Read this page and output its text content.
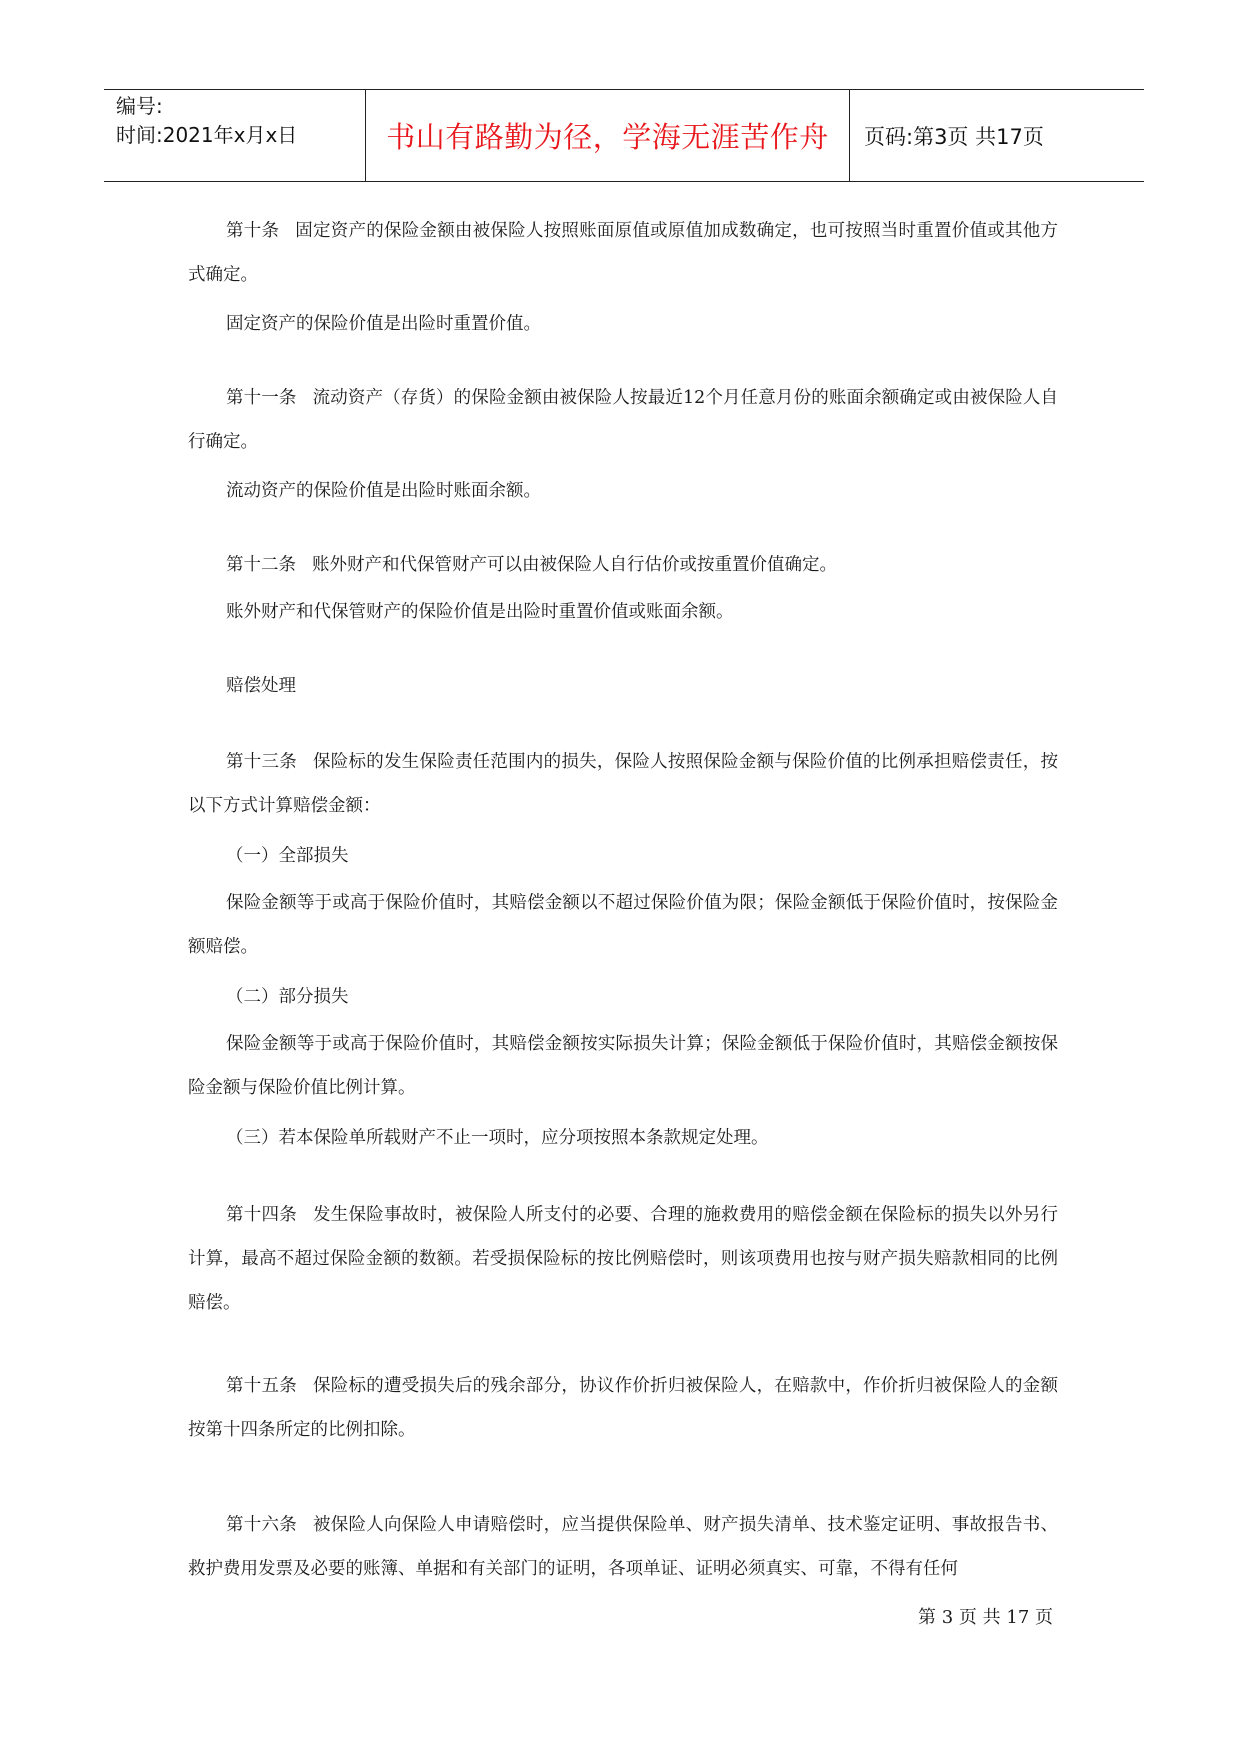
编号:
时间:2021年x月x日	书山有路勤为径，学海无涯苦作舟 页码:第3页 共17页

第十条 固定资产的保险金额由被保险人按照账面原值或原值加成数确定，也可按照当时重置价值或其他方式确定。

固定资产的保险价值是出险时重置价值。

第十一条 流动资产（存货）的保险金额由被保险人按最近12个月任意月份的账面余额确定或由被保险人自行确定。

流动资产的保险价值是出险时账面余额。

第十二条 账外财产和代保管财产可以由被保险人自行估价或按重置价值确定。

账外财产和代保管财产的保险价值是出险时重置价值或账面余额。

赔偿处理

第十三条 保险标的发生保险责任范围内的损失，保险人按照保险金额与保险价值的比例承担赔偿责任，按以下方式计算赔偿金额：

（一）全部损失

保险金额等于或高于保险价值时，其赔偿金额以不超过保险价值为限；保险金额低于保险价值时，按保险金额赔偿。

（二）部分损失

保险金额等于或高于保险价值时，其赔偿金额按实际损失计算；保险金额低于保险价值时，其赔偿金额按保险金额与保险价值比例计算。

（三）若本保险单所载财产不止一项时，应分项按照本条款规定处理。

第十四条 发生保险事故时，被保险人所支付的必要、合理的施救费用的赔偿金额在保险标的损失以外另行计算，最高不超过保险金额的数额。若受损保险标的按比例赔偿时，则该项费用也按与财产损失赔款相同的比例赔偿。

第十五条 保险标的遭受损失后的残余部分，协议作价折归被保险人，在赔款中，作价折归被保险人的金额按第十四条所定的比例扣除。

第十六条 被保险人向保险人申请赔偿时，应当提供保险单、财产损失清单、技术鉴定证明、事故报告书、救护费用发票及必要的账簿、单据和有关部门的证明，各项单证、证明必须真实、可靠，不得有任何

第 3 页 共 17 页
